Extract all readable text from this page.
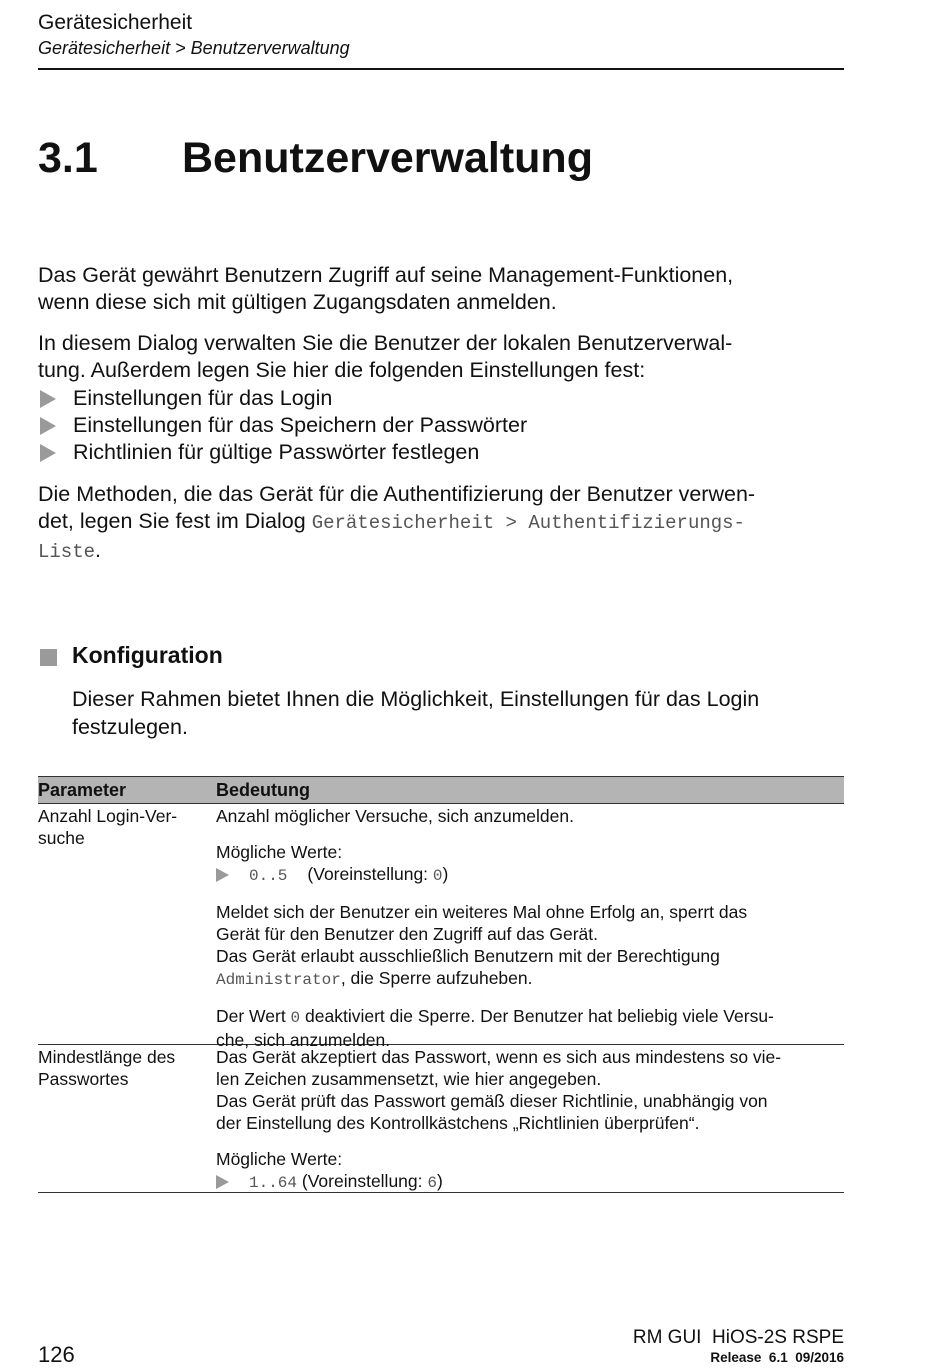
Gerätesicherheit
Gerätesicherheit > Benutzerverwaltung
3.1 Benutzerverwaltung
Das Gerät gewährt Benutzern Zugriff auf seine Management-Funktionen,
wenn diese sich mit gültigen Zugangsdaten anmelden.
In diesem Dialog verwalten Sie die Benutzer der lokalen Benutzerverwal-
tung. Außerdem legen Sie hier die folgenden Einstellungen fest:
Einstellungen für das Login
Einstellungen für das Speichern der Passwörter
Richtlinien für gültige Passwörter festlegen
Die Methoden, die das Gerät für die Authentifizierung der Benutzer verwen-
det, legen Sie fest im Dialog Gerätesicherheit > Authentifizierungs-
Liste.
Konfiguration
Dieser Rahmen bietet Ihnen die Möglichkeit, Einstellungen für das Login
festzulegen.
Parameter	Bedeutung
Anzahl Login-Ver-
suche
Anzahl möglicher Versuche, sich anzumelden.
Mögliche Werte:
0..5 (Voreinstellung: 0)
Meldet sich der Benutzer ein weiteres Mal ohne Erfolg an, sperrt das
Gerät für den Benutzer den Zugriff auf das Gerät.
Das Gerät erlaubt ausschließlich Benutzern mit der Berechtigung
Administrator, die Sperre aufzuheben.
Der Wert 0 deaktiviert die Sperre. Der Benutzer hat beliebig viele Versu-
che, sich anzumelden.
Mindestlänge des
Passwortes
Das Gerät akzeptiert das Passwort, wenn es sich aus mindestens so vie-
len Zeichen zusammensetzt, wie hier angegeben.
Das Gerät prüft das Passwort gemäß dieser Richtlinie, unabhängig von
der Einstellung des Kontrollkästchens „Richtlinien überprüfen“.
Mögliche Werte:
1..64 (Voreinstellung: 6)
126
RM GUI  HiOS-2S RSPE
Release  6.1  09/2016
